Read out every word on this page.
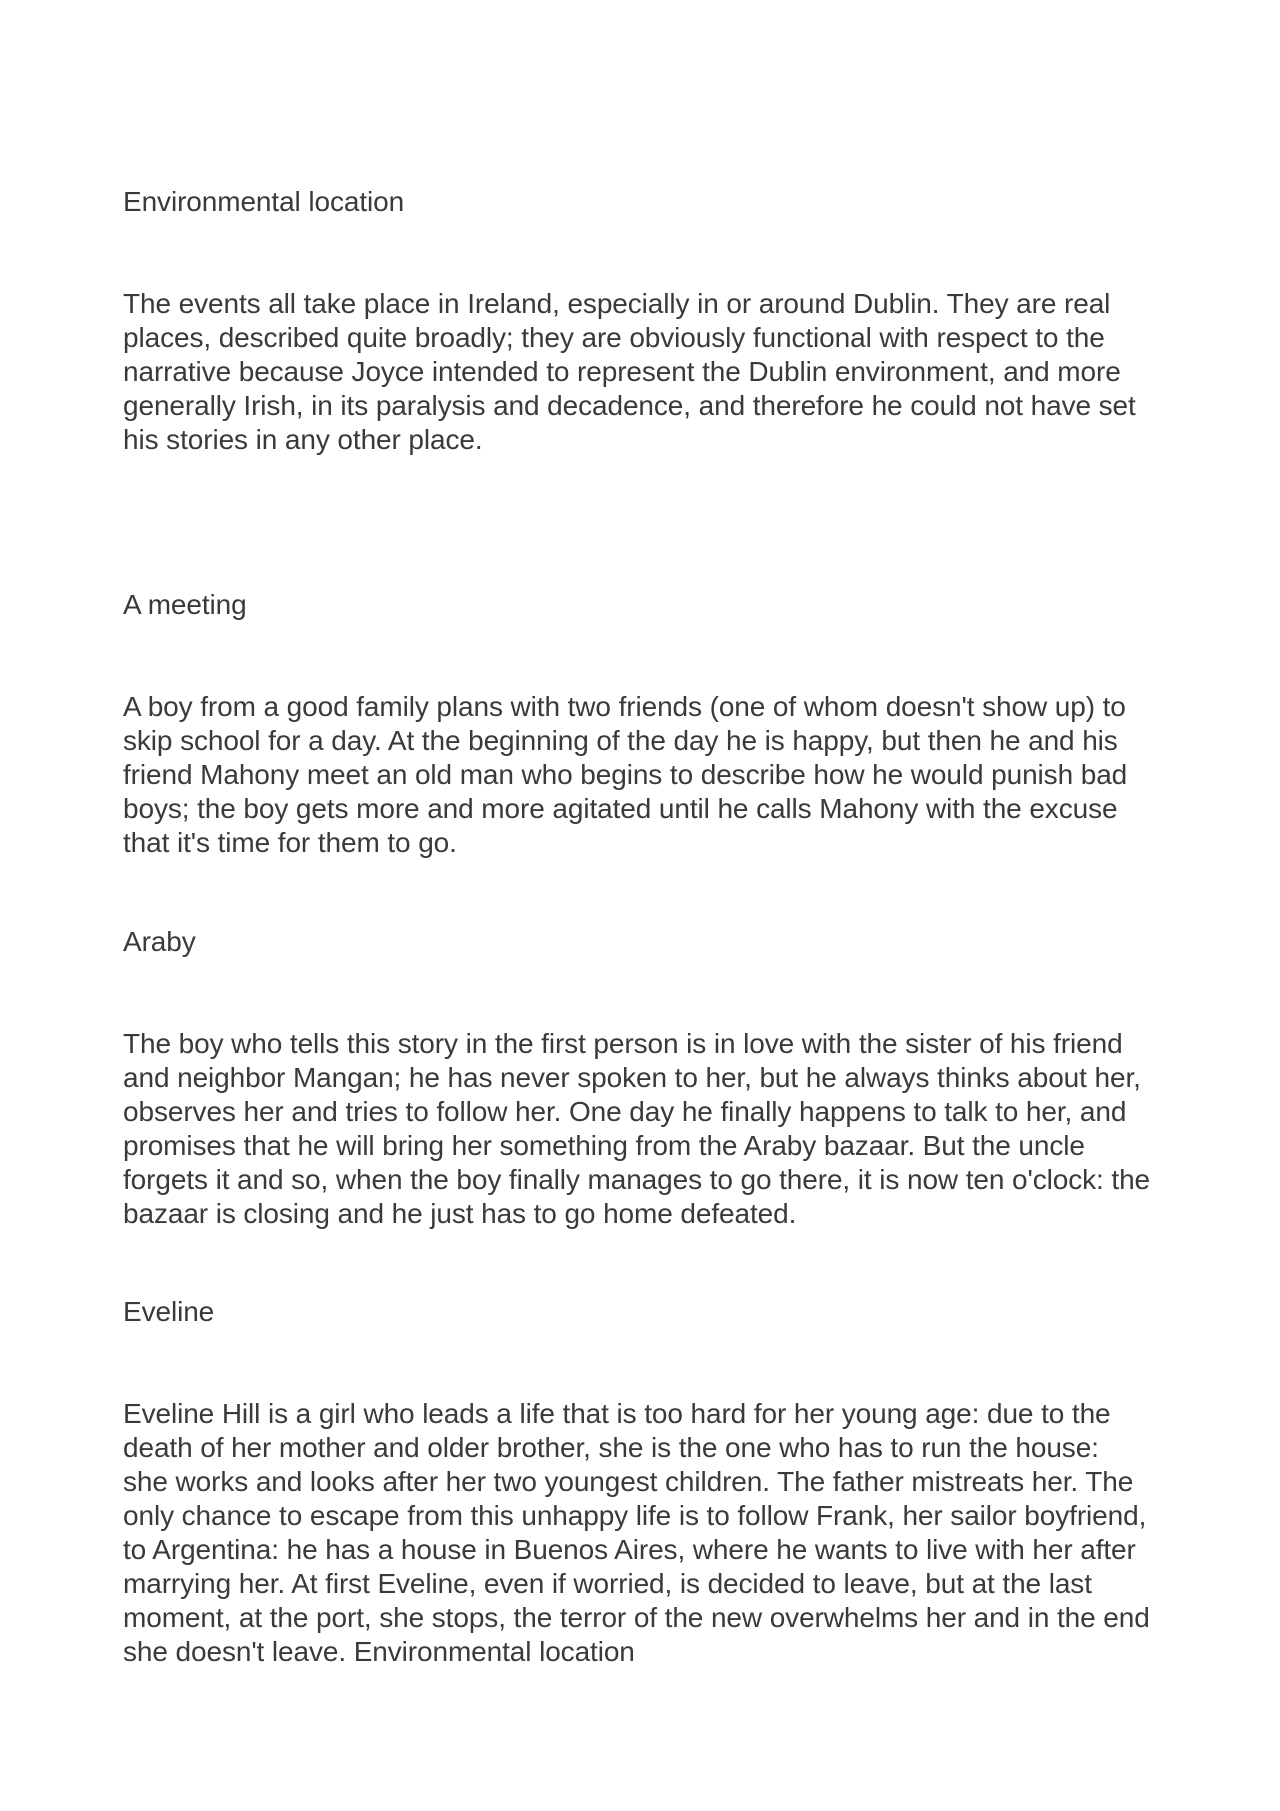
Environmental location
The events all take place in Ireland, especially in or around Dublin. They are real
places, described quite broadly; they are obviously functional with respect to the
narrative because Joyce intended to represent the Dublin environment, and more
generally Irish, in its paralysis and decadence, and therefore he could not have set
his stories in any other place.
A meeting
A boy from a good family plans with two friends (one of whom doesn't show up) to
skip school for a day. At the beginning of the day he is happy, but then he and his
friend Mahony meet an old man who begins to describe how he would punish bad
boys; the boy gets more and more agitated until he calls Mahony with the excuse
that it's time for them to go.
Araby
The boy who tells this story in the first person is in love with the sister of his friend
and neighbor Mangan; he has never spoken to her, but he always thinks about her,
observes her and tries to follow her. One day he finally happens to talk to her, and
promises that he will bring her something from the Araby bazaar. But the uncle
forgets it and so, when the boy finally manages to go there, it is now ten o'clock: the
bazaar is closing and he just has to go home defeated.
Eveline
Eveline Hill is a girl who leads a life that is too hard for her young age: due to the
death of her mother and older brother, she is the one who has to run the house:
she works and looks after her two youngest children. The father mistreats her. The
only chance to escape from this unhappy life is to follow Frank, her sailor boyfriend,
to Argentina: he has a house in Buenos Aires, where he wants to live with her after
marrying her. At first Eveline, even if worried, is decided to leave, but at the last
moment, at the port, she stops, the terror of the new overwhelms her and in the end
she doesn't leave. Environmental location
